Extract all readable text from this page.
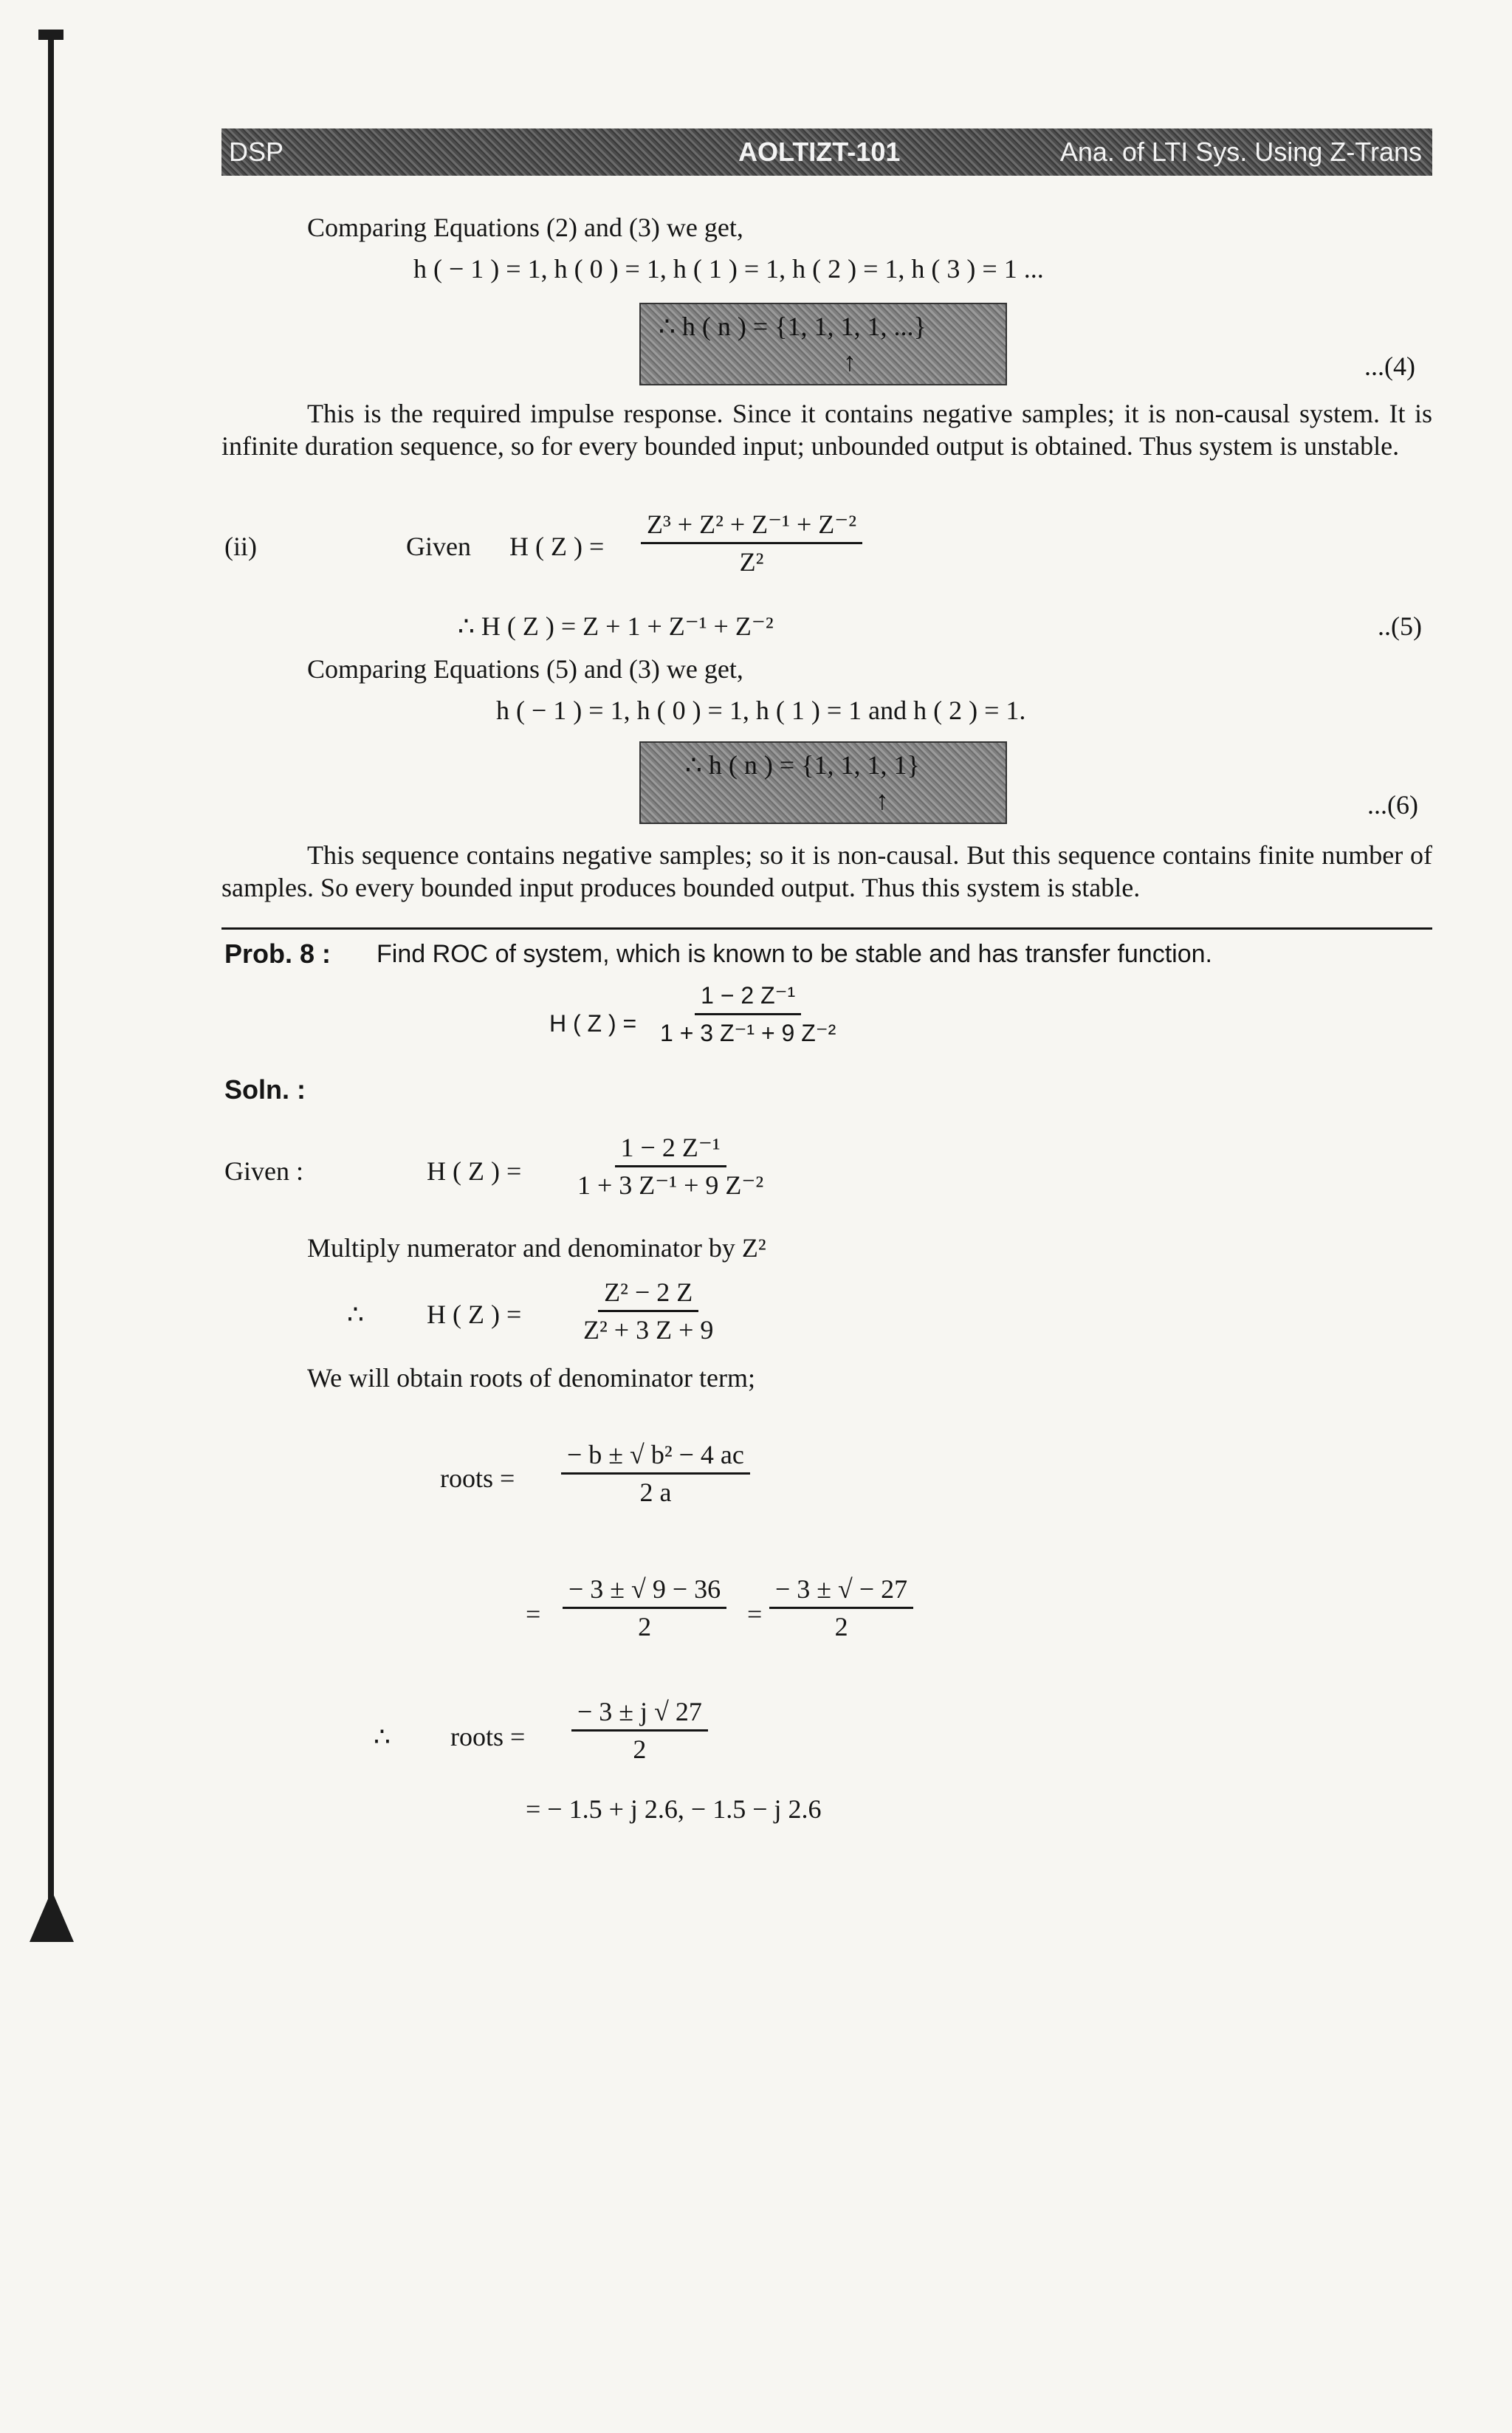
DSP	AOLTIZT-101	Ana. of LTI Sys. Using Z-Trans
Comparing Equations (2) and (3) we get,
h ( − 1 ) = 1, h ( 0 ) = 1, h ( 1 ) = 1, h ( 2 ) = 1, h ( 3 ) = 1 ...
∴ h ( n ) = {1, 1, 1, 1, ...}
↑	...(4)
This is the required impulse response. Since it contains negative samples; it is non-causal system. It is infinite duration sequence, so for every bounded input; unbounded output is obtained. Thus system is unstable.
(ii)	Given H ( Z ) = $\frac{\text{Z³ + Z² + Z⁻¹ + Z⁻²}}{\text{Z²}}$
∴ H ( Z ) = Z + 1 + Z⁻¹ + Z⁻²	..(5)
Comparing Equations (5) and (3) we get,
h ( − 1 ) = 1, h ( 0 ) = 1, h ( 1 ) = 1 and h ( 2 ) = 1.
∴ h ( n ) = {1, 1, 1, 1}
↑	...(6)
This sequence contains negative samples; so it is non-causal. But this sequence contains finite number of samples. So every bounded input produces bounded output. Thus this system is stable.
Prob. 8 : Find ROC of system, which is known to be stable and has transfer function.
H ( Z ) = $\frac{\text{1 − 2 Z⁻¹}}{\text{1 + 3 Z⁻¹ + 9 Z⁻²}}$
Soln. :
Given :	H ( Z ) = $\frac{\text{1 − 2 Z⁻¹}}{\text{1 + 3 Z⁻¹ + 9 Z⁻²}}$
Multiply numerator and denominator by Z²
∴ H ( Z ) = $\frac{\text{Z² − 2 Z}}{\text{Z² + 3 Z + 9}}$
We will obtain roots of denominator term;
roots = $\frac{\text{− b ± √ b² − 4 ac}}{2 a}$
= $\frac{- 3 \pm √ 9 - 36}{2} = \frac{- 3 \pm √ - 27}{2}$
∴ roots = $\frac{- 3 \pm j √ 27}{2}$
= − 1.5 + j 2.6, − 1.5 − j 2.6
